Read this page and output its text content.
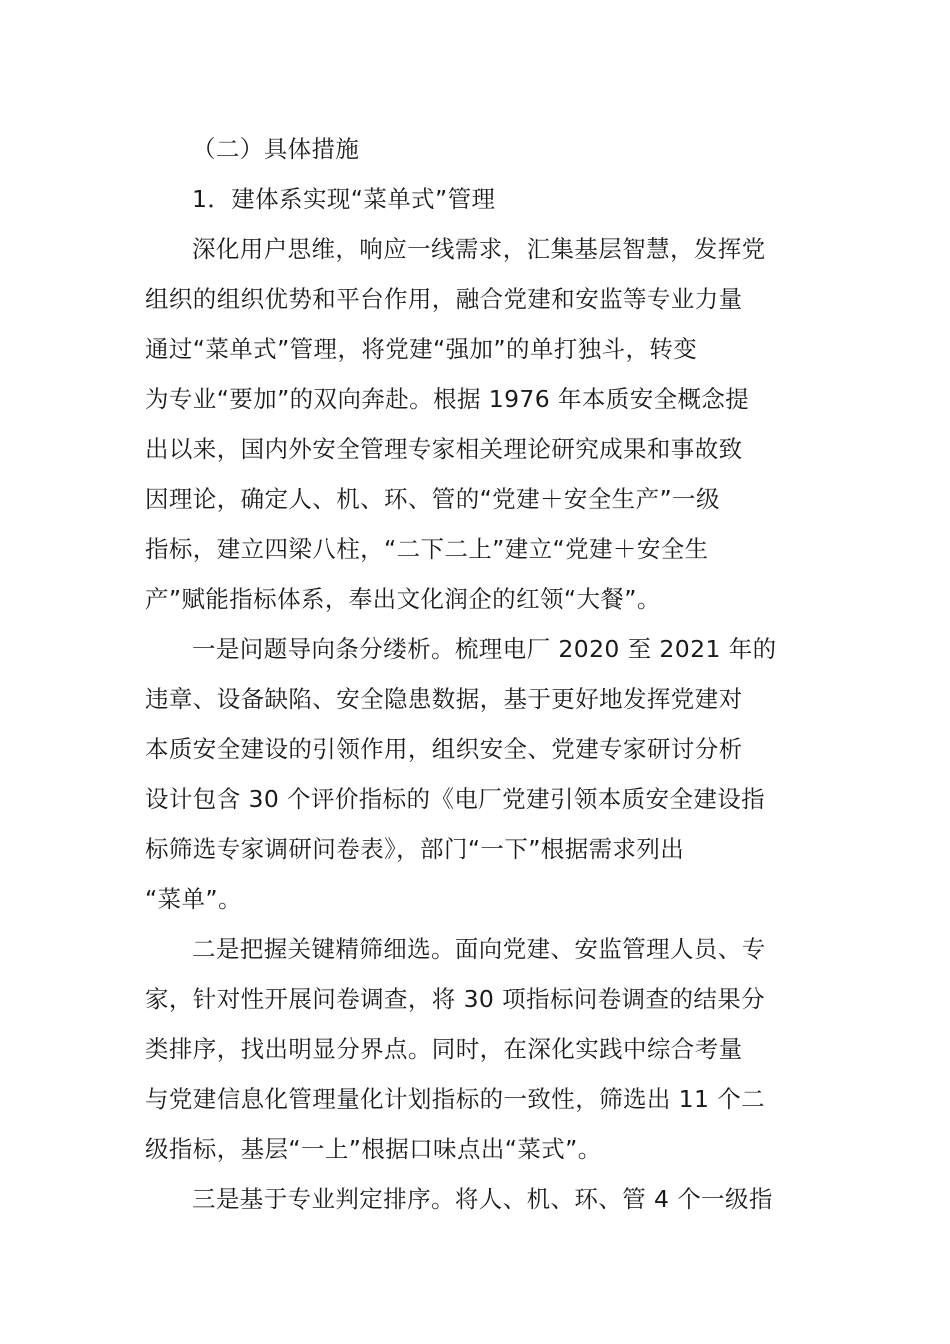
（二）具体措施

1．建体系实现“菜单式”管理

深化用户思维，响应一线需求，汇集基层智慧，发挥党
组织的组织优势和平台作用，融合党建和安监等专业力量
通过“菜单式”管理，将党建“强加”的单打独斗，转变
为专业“要加”的双向奔赴。根据 1976 年本质安全概念提
出以来，国内外安全管理专家相关理论研究成果和事故致
因理论，确定人、机、环、管的“党建＋安全生产”一级
指标，建立四梁八柱，“二下二上”建立“党建＋安全生
产”赋能指标体系，奉出文化润企的红领“大餐”。

一是问题导向条分缕析。梳理电厂 2020 至 2021 年的
违章、设备缺陷、安全隐患数据，基于更好地发挥党建对
本质安全建设的引领作用，组织安全、党建专家研讨分析
设计包含 30 个评价指标的《电厂党建引领本质安全建设指
标筛选专家调研问卷表》，部门“一下”根据需求列出
“菜单”。

二是把握关键精筛细选。面向党建、安监管理人员、专
家，针对性开展问卷调查，将 30 项指标问卷调查的结果分
类排序，找出明显分界点。同时，在深化实践中综合考量
与党建信息化管理量化计划指标的一致性，筛选出 11 个二
级指标，基层“一上”根据口味点出“菜式”。

三是基于专业判定排序。将人、机、环、管 4 个一级指
